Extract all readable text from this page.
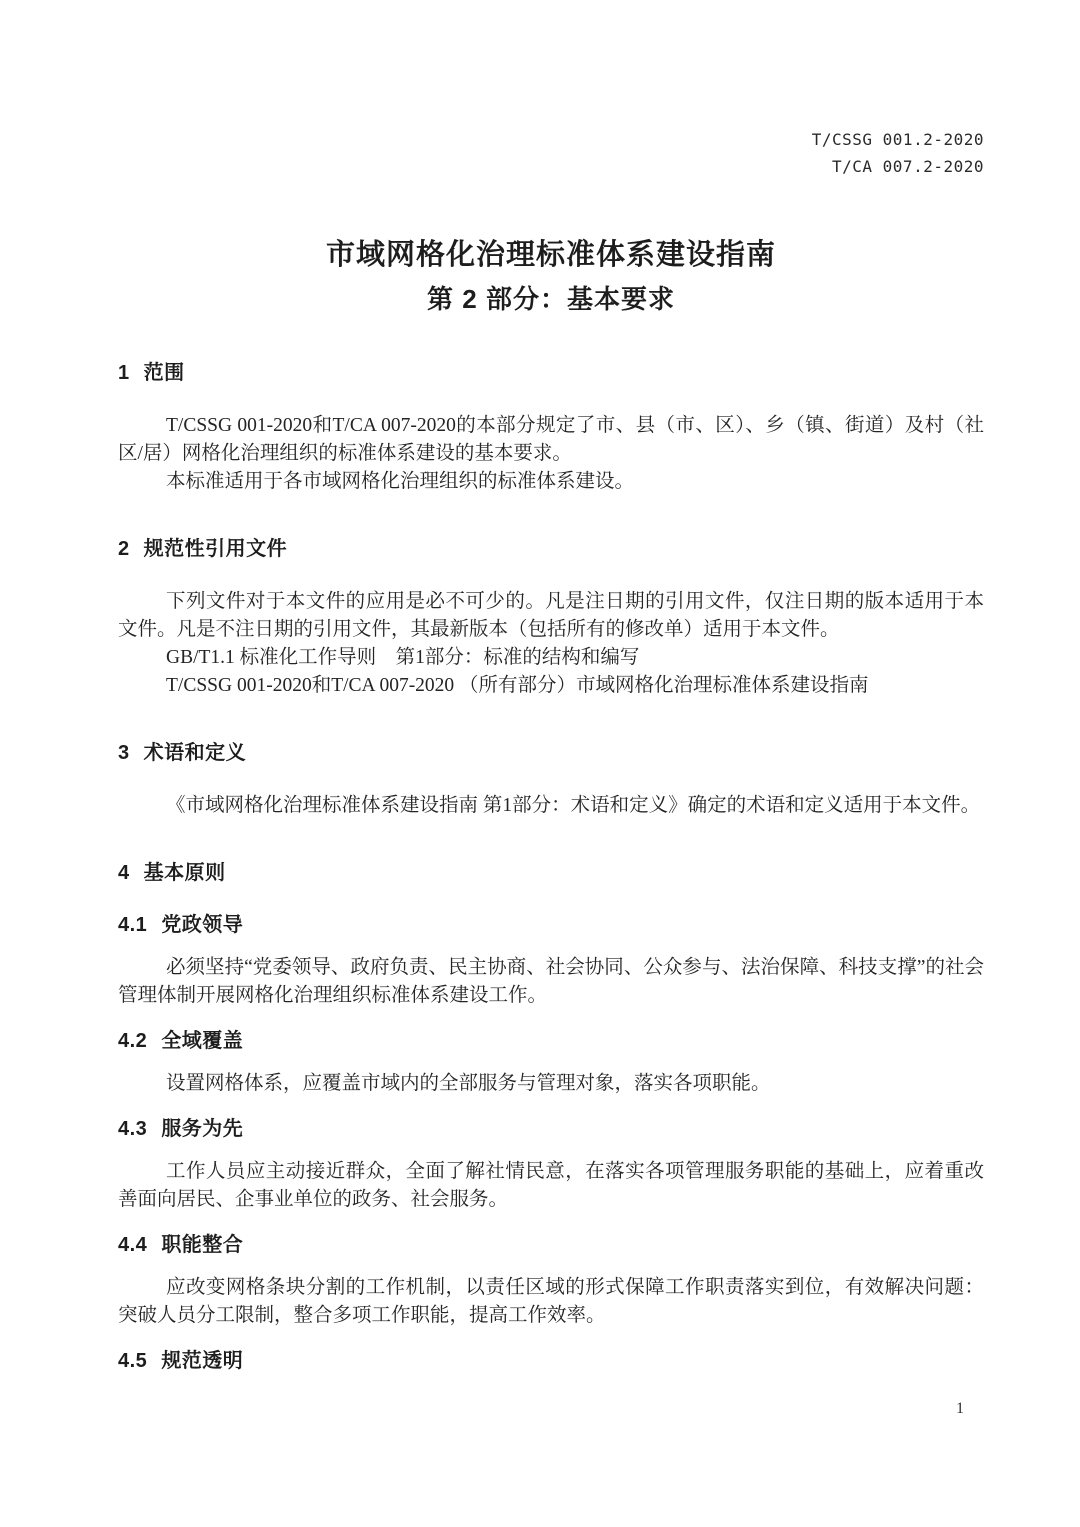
T/CSSG 001.2-2020
T/CA 007.2-2020
市域网格化治理标准体系建设指南
第 2 部分：基本要求
1 范围

T/CSSG 001-2020和T/CA 007-2020的本部分规定了市、县（市、区）、乡（镇、街道）及村（社区/居）网格化治理组织的标准体系建设的基本要求。

本标准适用于各市域网格化治理组织的标准体系建设。

2 规范性引用文件

下列文件对于本文件的应用是必不可少的。凡是注日期的引用文件，仅注日期的版本适用于本文件。凡是不注日期的引用文件，其最新版本（包括所有的修改单）适用于本文件。

GB/T1.1 标准化工作导则　第1部分：标准的结构和编写

T/CSSG 001-2020和T/CA 007-2020 （所有部分）市域网格化治理标准体系建设指南

3 术语和定义

《市域网格化治理标准体系建设指南 第1部分：术语和定义》确定的术语和定义适用于本文件。

4 基本原则
4.1 党政领导

必须坚持“党委领导、政府负责、民主协商、社会协同、公众参与、法治保障、科技支撑”的社会管理体制开展网格化治理组织标准体系建设工作。

4.2 全域覆盖

设置网格体系，应覆盖市域内的全部服务与管理对象，落实各项职能。

4.3 服务为先

工作人员应主动接近群众，全面了解社情民意，在落实各项管理服务职能的基础上，应着重改善面向居民、企事业单位的政务、社会服务。

4.4 职能整合

应改变网格条块分割的工作机制，以责任区域的形式保障工作职责落实到位，有效解决问题：突破人员分工限制，整合多项工作职能，提高工作效率。

4.5 规范透明
1
